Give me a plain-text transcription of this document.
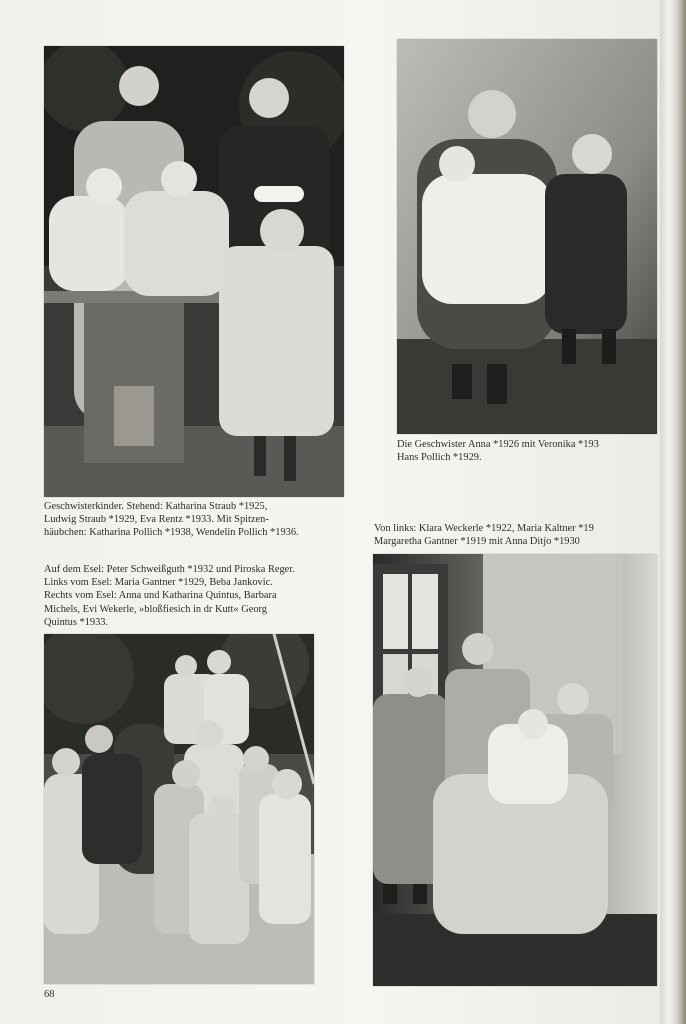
Geschwisterkinder. Stehend: Katharina Straub *1925,
Ludwig Straub *1929, Eva Rentz *1933. Mit Spitzen-
häubchen: Katharina Pollich *1938, Wendelin Pollich *1936.

Die Geschwister Anna *1926 mit Veronika *193
Hans Pollich *1929.

Auf dem Esel: Peter Schweißguth *1932 und Piroska Reger.
Links vom Esel: Maria Gantner *1929, Beba Jankovic.
Rechts vom Esel: Anna und Katharina Quintus, Barbara
Michels, Evi Wekerle, »bloßfiesich in dr Kutt« Georg
Quintus *1933.

Von links: Klara Weckerle *1922, Maria Kaltner *19
Margaretha Gantner *1919 mit Anna Ditjo *1930

68
